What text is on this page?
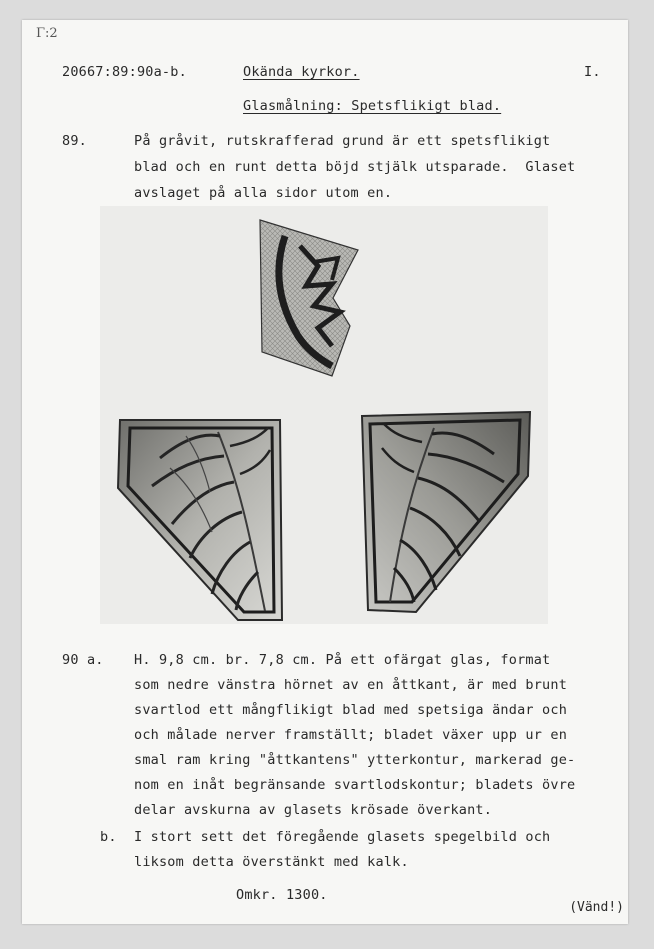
Γ:2
20667:89:90a-b.	Okända kyrkor.	I.
Glasmålning: Spetsflikigt blad.
89.	På gråvit, rutskrafferad grund är ett spetsflikigt
blad och en runt detta böjd stjälk utsparade.  Glaset
avslaget på alla sidor utom en.
90 a. H. 9,8 cm. br. 7,8 cm. På ett ofärgat glas, format
som nedre vänstra hörnet av en åttkant, är med brunt
svartlod ett mångflikigt blad med spetsiga ändar och
och målade nerver framställt; bladet växer upp ur en
smal ram kring "åttkantens" ytterkontur, markerad ge-
nom en inåt begränsande svartlodskontur; bladets övre
delar avskurna av glasets krösade överkant.
b. I stort sett det föregående glasets spegelbild och
liksom detta överstänkt med kalk.
Omkr. 1300.
(Vänd!)
